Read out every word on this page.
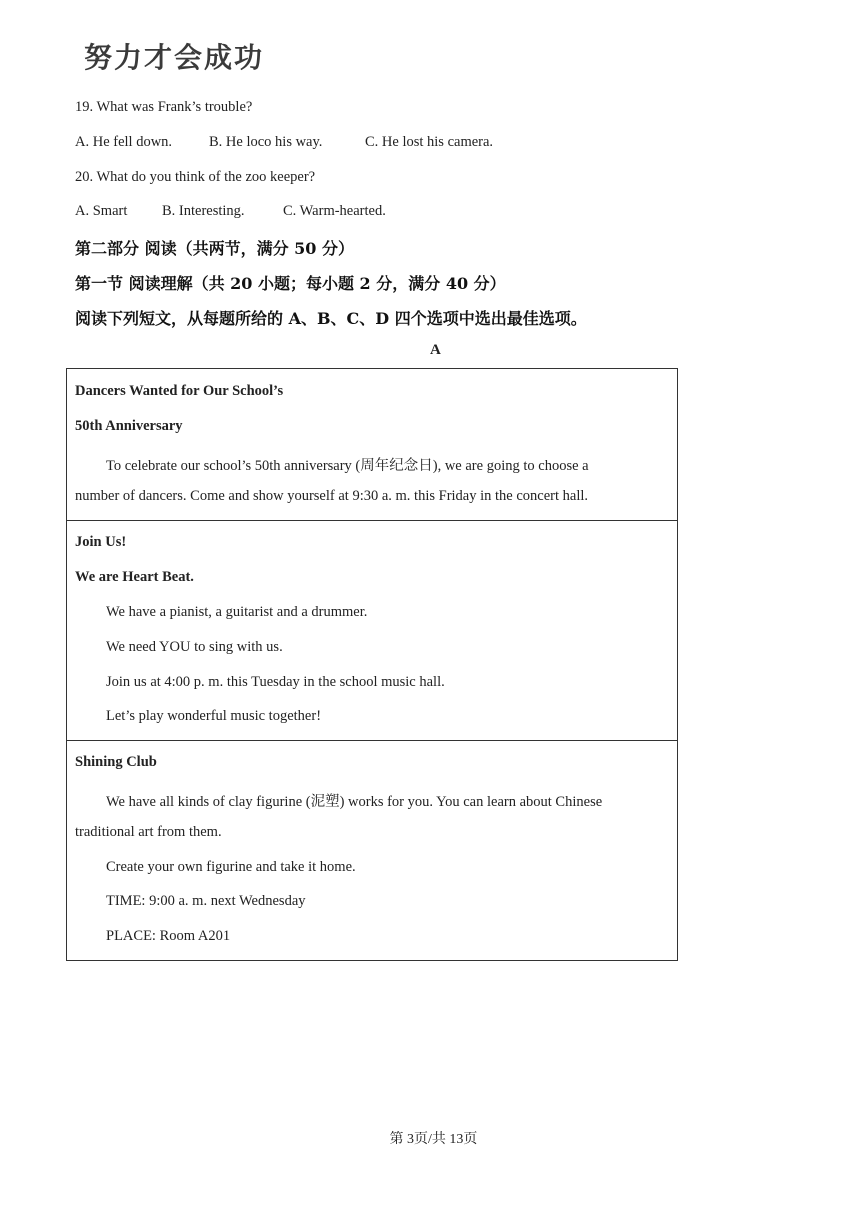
努力才会成功
19. What was Frank’s trouble?
A. He fell down.	B. He loco his way.	C. He lost his camera.
20. What do you think of the zoo keeper?
A. Smart B. Interesting.	C. Warm-hearted.
第二部分 阅读（共两节，满分 50 分）
第一节 阅读理解（共 20 小题；每小题 2 分，满分 40 分）
阅读下列短文，从每题所给的 A、B、C、D 四个选项中选出最佳选项。
A
Dancers Wanted for Our School’s
50th Anniversary
To celebrate our school’s 50th anniversary (周年纪念日), we are going to choose a
number of dancers. Come and show yourself at 9:30 a. m. this Friday in the concert hall.
Join Us!
We are Heart Beat.
We have a pianist, a guitarist and a drummer.
We need YOU to sing with us.
Join us at 4:00 p. m. this Tuesday in the school music hall.
Let’s play wonderful music together!
Shining Club
We have all kinds of clay figurine (泥塑) works for you. You can learn about Chinese
traditional art from them.
Create your own figurine and take it home.
TIME: 9:00 a. m. next Wednesday
PLACE: Room A201
第 3页/共 13页
